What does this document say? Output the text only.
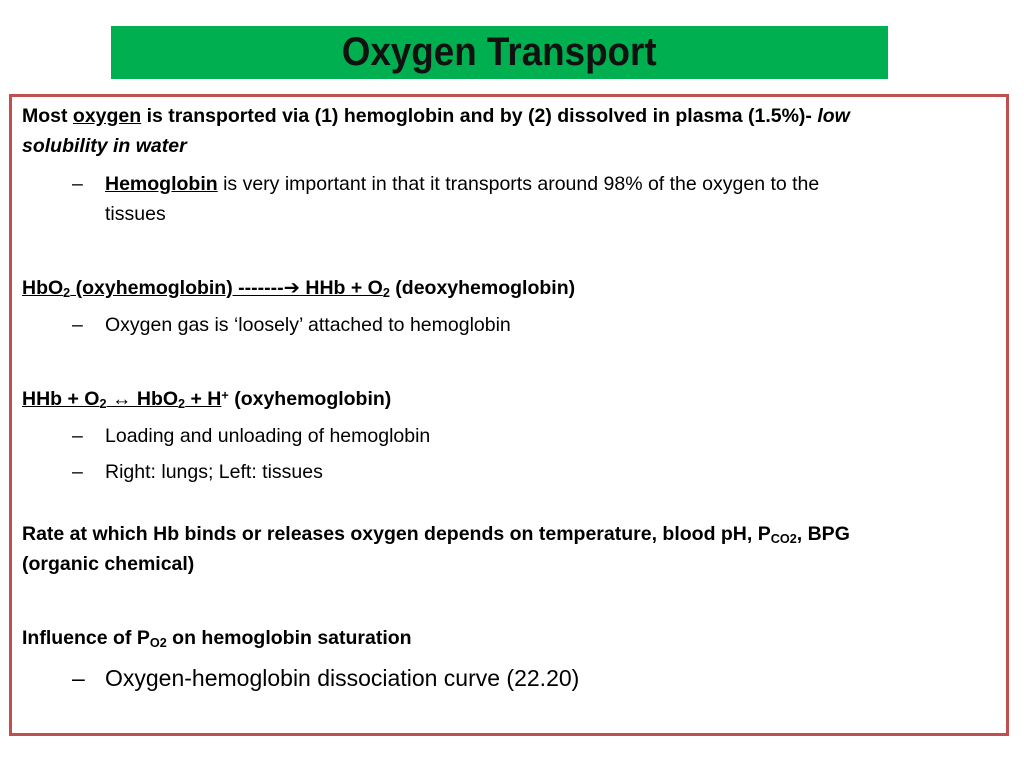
Oxygen Transport
Most oxygen is transported via (1) hemoglobin and by (2) dissolved in plasma (1.5%)- low
solubility in water
– Hemoglobin is very important in that it transports around 98% of the oxygen to the
tissues
HbO$_2$ (oxyhemoglobin) -------➔ HHb + $O_2$ (deoxyhemoglobin)
– Oxygen gas is ‘loosely’ attached to hemoglobin
HHb + $O_2$ ↔ HbO$_2$ + H+ (oxyhemoglobin)
– Loading and unloading of hemoglobin
– Right: lungs; Left: tissues
Rate at which Hb binds or releases oxygen depends on temperature, blood pH, $P_{CO2}$, BPG
(organic chemical)
Influence of $P_{O2}$ on hemoglobin saturation
– Oxygen-hemoglobin dissociation curve (22.20)
